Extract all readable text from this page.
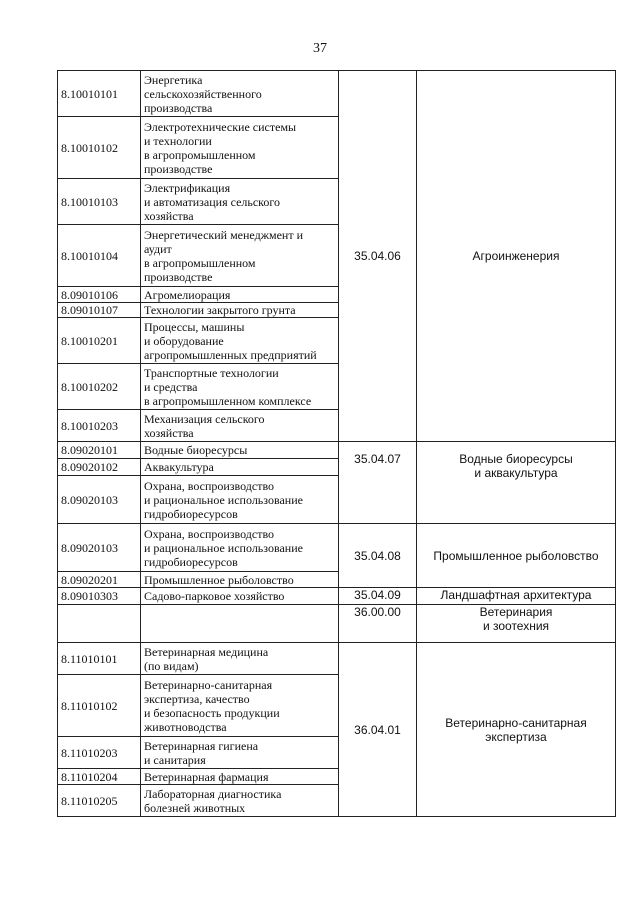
37
8.10010101	Энергетика
сельскохозяйственного
производства	35.04.06	Агроинженерия

8.10010102	Электротехнические системы
и технологии
в агропромышленном
производстве		

8.10010103	Электрификация
и автоматизация сельского
хозяйства		

8.10010104	Энергетический менеджмент и
аудит
в агропромышленном
производстве		

8.09010106	Агромелиорация		

8.09010107	Технологии закрытого грунта		

8.10010201	Процессы, машины
и оборудование
агропромышленных предприятий		

8.10010202	Транспортные технологии
и средства
в агропромышленном комплексе		

8.10010203	Механизация сельского
хозяйства		

8.09020101	Водные биоресурсы	35.04.07	Водные биоресурсы
и аквакультура

8.09020102	Аквакультура		

8.09020103	Охрана, воспроизводство
и рациональное использование
гидробиоресурсов		

8.09020103	Охрана, воспроизводство
и рациональное использование
гидробиоресурсов	35.04.08	Промышленное рыболовство

8.09020201	Промышленное рыболовство		

8.09010303	Садово-парковое хозяйство	35.04.09	Ландшафтная архитектура

		36.00.00	Ветеринария
и зоотехния

8.11010101	Ветеринарная медицина
(по видам)	36.04.01	Ветеринарно-санитарная
экспертиза

8.11010102	Ветеринарно-санитарная
экспертиза, качество
и безопасность продукции
животноводства		

8.11010203	Ветеринарная гигиена
и санитария		

8.11010204	Ветеринарная фармация		

8.11010205	Лабораторная диагностика
болезней животных		
